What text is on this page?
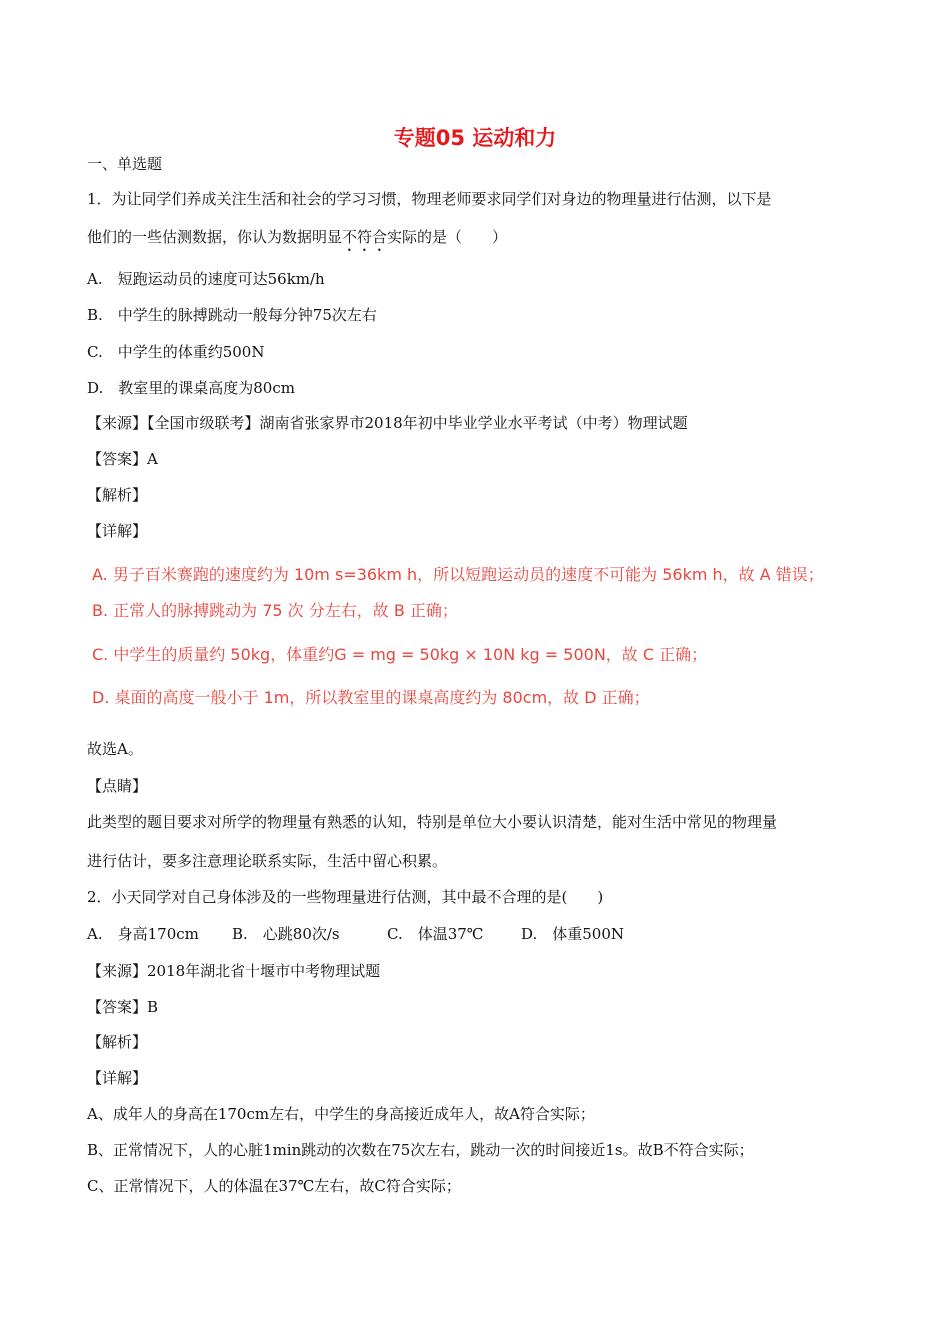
专题05 运动和力
一、单选题
1．为让同学们养成关注生活和社会的学习习惯，物理老师要求同学们对身边的物理量进行估测，以下是
他们的一些估测数据，你认为数据明显不符合实际的是（　　）
A.　短跑运动员的速度可达56km/h
B.　中学生的脉搏跳动一般每分钟75次左右
C.　中学生的体重约500N
D.　教室里的课桌高度为80cm
【来源】【全国市级联考】湖南省张家界市2018年初中毕业学业水平考试（中考）物理试题
【答案】A
【解析】
【详解】
A. 男子百米赛跑的速度约为 10m s=36km h，所以短跑运动员的速度不可能为 56km h，故 A 错误；
B. 正常人的脉搏跳动为 75 次 分左右，故 B 正确；
C. 中学生的质量约 50kg，体重约G = mg = 50kg × 10N kg = 500N，故 C 正确；
D. 桌面的高度一般小于 1m，所以教室里的课桌高度约为 80cm，故 D 正确；
故选A。
【点睛】
此类型的题目要求对所学的物理量有熟悉的认知，特别是单位大小要认识清楚，能对生活中常见的物理量
进行估计，要多注意理论联系实际，生活中留心积累。
2．小天同学对自己身体涉及的一些物理量进行估测，其中最不合理的是(　　)
A.　身高170cm B.　心跳80次/s	C.　体温37℃ D.　体重500N
【来源】2018年湖北省十堰市中考物理试题
【答案】B
【解析】
【详解】
A、成年人的身高在170cm左右，中学生的身高接近成年人，故A符合实际；
B、正常情况下，人的心脏1min跳动的次数在75次左右，跳动一次的时间接近1s。故B不符合实际；
C、正常情况下，人的体温在37℃左右，故C符合实际；
